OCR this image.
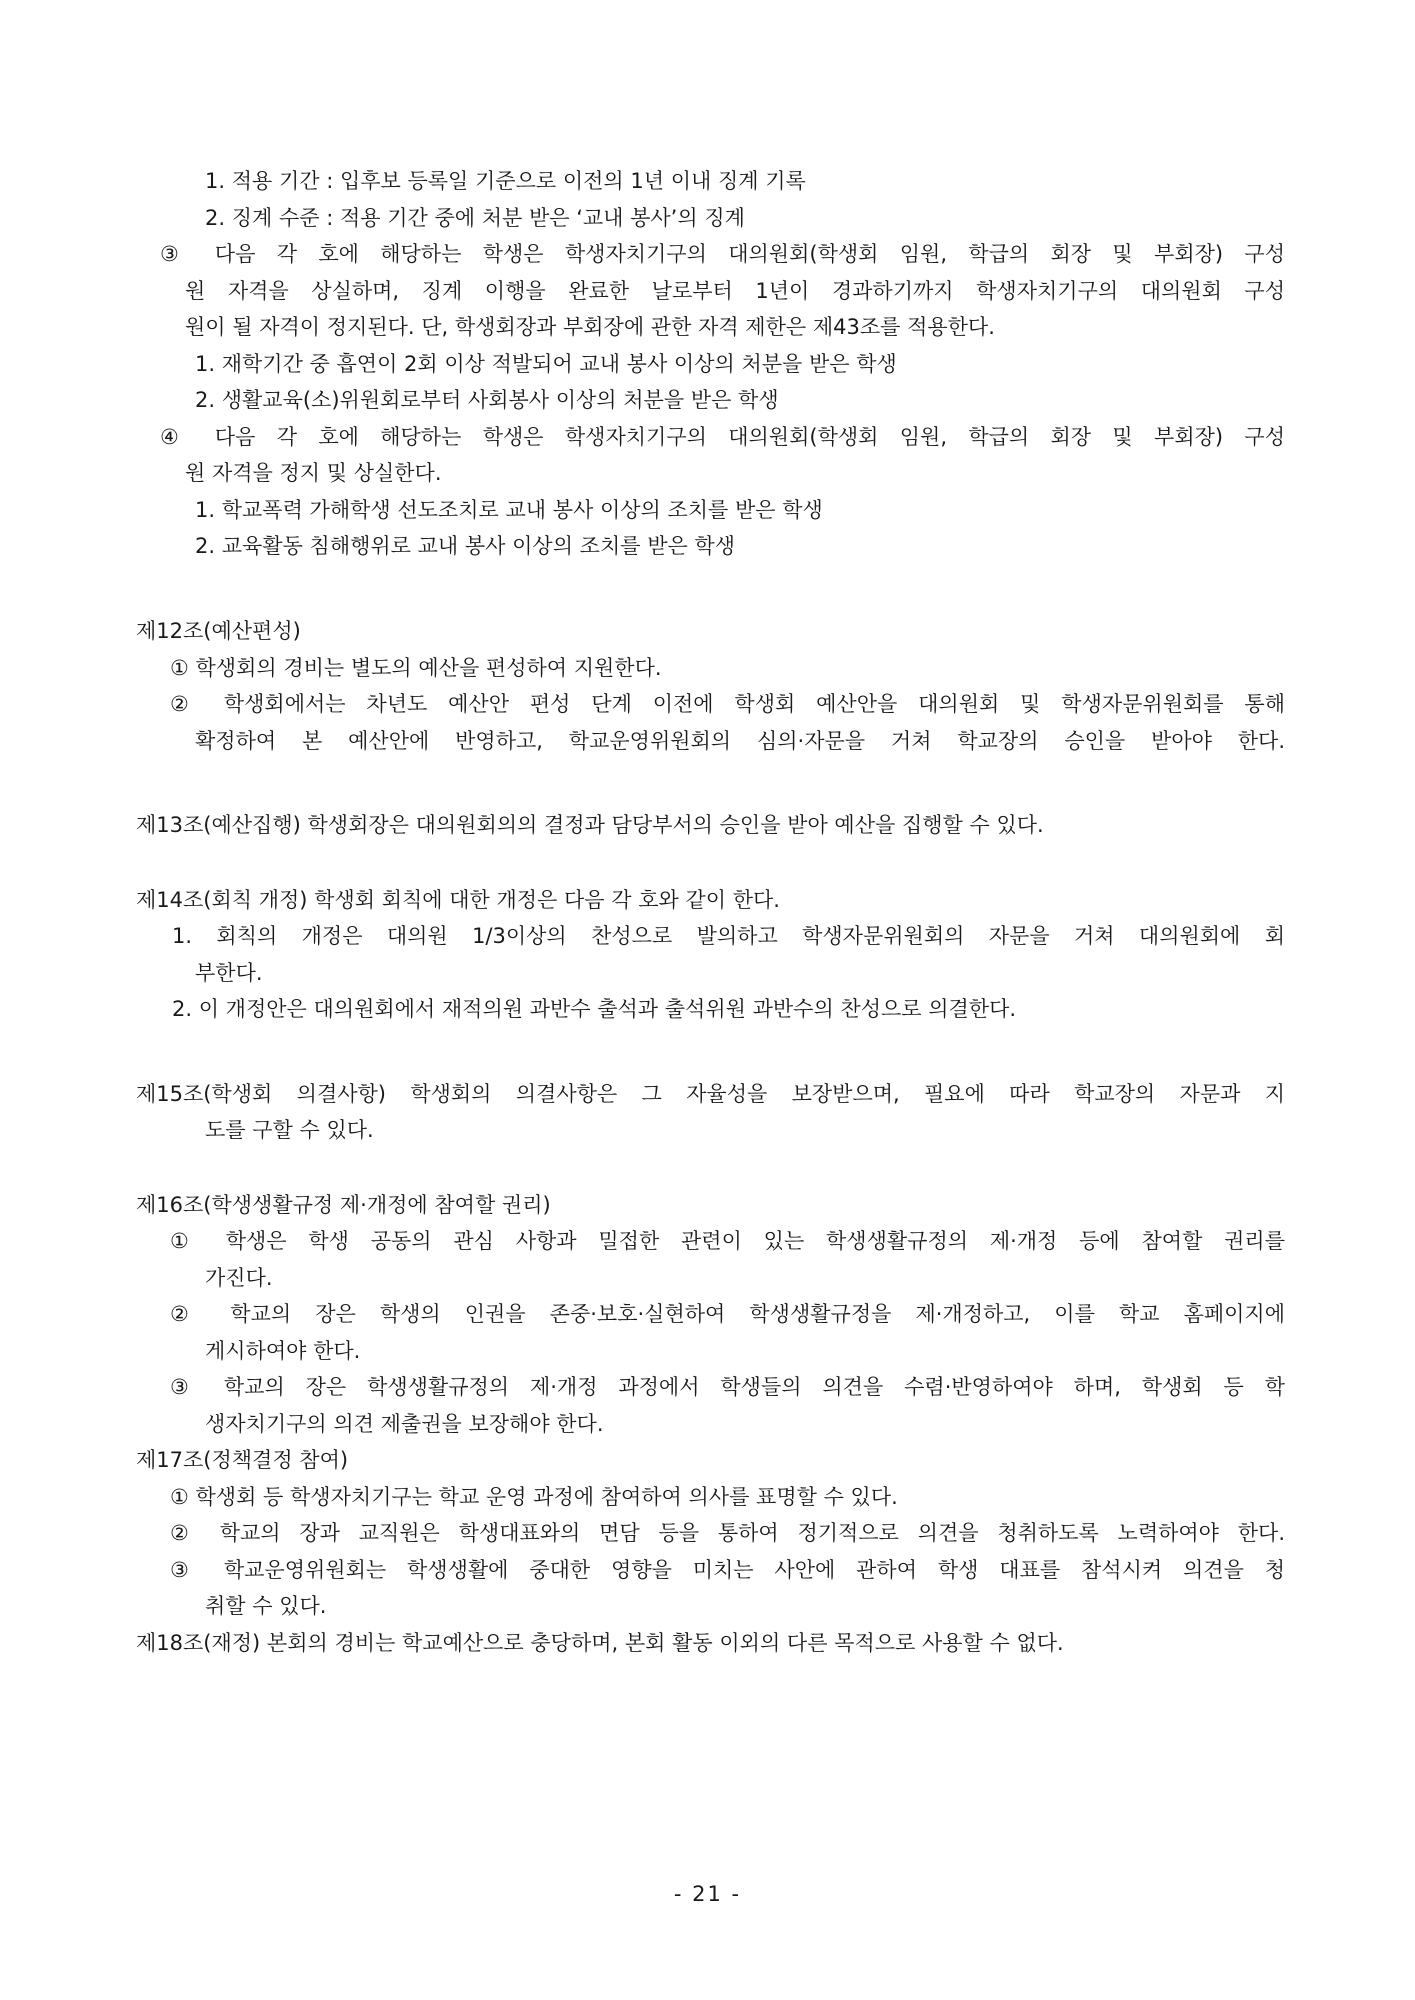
1. 적용 기간 : 입후보 등록일 기준으로 이전의 1년 이내 징계 기록
2. 징계 수준 : 적용 기간 중에 처분 받은 ‘교내 봉사’의 징계
③ 다음 각 호에 해당하는 학생은 학생자치기구의 대의원회(학생회 임원, 학급의 회장 및 부회장) 구성
원 자격을 상실하며, 징계 이행을 완료한 날로부터 1년이 경과하기까지 학생자치기구의 대의원회 구성
원이 될 자격이 정지된다. 단, 학생회장과 부회장에 관한 자격 제한은 제43조를 적용한다.
1. 재학기간 중 흡연이 2회 이상 적발되어 교내 봉사 이상의 처분을 받은 학생
2. 생활교육(소)위원회로부터 사회봉사 이상의 처분을 받은 학생
④ 다음 각 호에 해당하는 학생은 학생자치기구의 대의원회(학생회 임원, 학급의 회장 및 부회장) 구성
원 자격을 정지 및 상실한다.
1. 학교폭력 가해학생 선도조치로 교내 봉사 이상의 조치를 받은 학생
2. 교육활동 침해행위로 교내 봉사 이상의 조치를 받은 학생
제12조(예산편성)
① 학생회의 경비는 별도의 예산을 편성하여 지원한다.
② 학생회에서는 차년도 예산안 편성 단계 이전에 학생회 예산안을 대의원회 및 학생자문위원회를 통해
확정하여 본 예산안에 반영하고, 학교운영위원회의 심의·자문을 거쳐 학교장의 승인을 받아야 한다.
제13조(예산집행) 학생회장은 대의원회의의 결정과 담당부서의 승인을 받아 예산을 집행할 수 있다.
제14조(회칙 개정) 학생회 회칙에 대한 개정은 다음 각 호와 같이 한다.
1. 회칙의 개정은 대의원 1/3이상의 찬성으로 발의하고 학생자문위원회의 자문을 거쳐 대의원회에 회
부한다.
2. 이 개정안은 대의원회에서 재적의원 과반수 출석과 출석위원 과반수의 찬성으로 의결한다.
제15조(학생회 의결사항) 학생회의 의결사항은 그 자율성을 보장받으며, 필요에 따라 학교장의 자문과 지
도를 구할 수 있다.
제16조(학생생활규정 제·개정에 참여할 권리)
① 학생은 학생 공동의 관심 사항과 밀접한 관련이 있는 학생생활규정의 제·개정 등에 참여할 권리를
가진다.
② 학교의 장은 학생의 인권을 존중·보호·실현하여 학생생활규정을 제·개정하고, 이를 학교 홈페이지에
게시하여야 한다.
③ 학교의 장은 학생생활규정의 제·개정 과정에서 학생들의 의견을 수렴·반영하여야 하며, 학생회 등 학
생자치기구의 의견 제출권을 보장해야 한다.
제17조(정책결정 참여)
① 학생회 등 학생자치기구는 학교 운영 과정에 참여하여 의사를 표명할 수 있다.
② 학교의 장과 교직원은 학생대표와의 면담 등을 통하여 정기적으로 의견을 청취하도록 노력하여야 한다.
③ 학교운영위원회는 학생생활에 중대한 영향을 미치는 사안에 관하여 학생 대표를 참석시켜 의견을 청
취할 수 있다.
제18조(재정) 본회의 경비는 학교예산으로 충당하며, 본회 활동 이외의 다른 목적으로 사용할 수 없다.
- 21 -
